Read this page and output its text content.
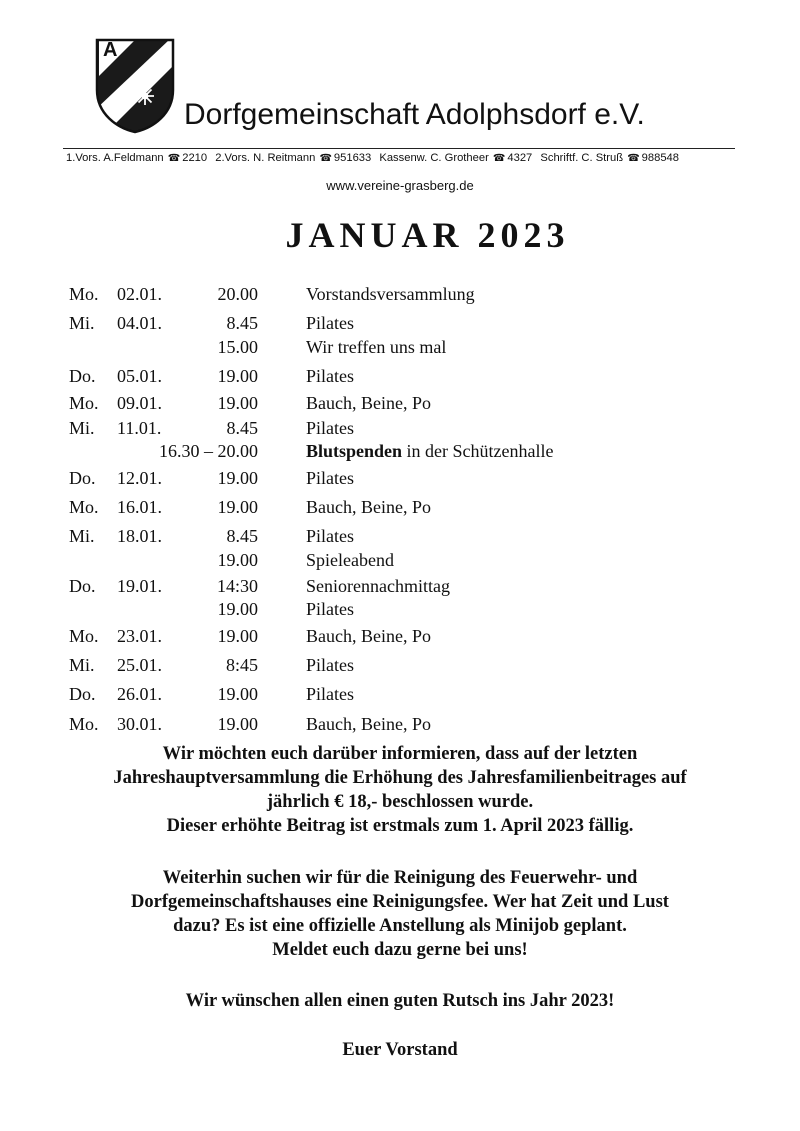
A
Dorfgemeinschaft Adolphsdorf e.V.
1.Vors. A.Feldmann ☎ 2210 2.Vors. N. Reitmann ☎ 951633 Kassenw. C. Grotheer ☎ 4327 Schriftf. C. Struß ☎ 988548
www.vereine-grasberg.de
JANUAR 2023
Mo. 02.01.	20.00	Vorstandsversammlung
Mi. 04.01.	8.45	Pilates
15.00	Wir treffen uns mal
Do. 05.01.	19.00	Pilates
Mo. 09.01.	19.00	Bauch, Beine, Po
Mi. 11.01.	8.45	Pilates
16.30 – 20.00	Blutspenden in der Schützenhalle
Do. 12.01.	19.00	Pilates
Mo. 16.01.	19.00	Bauch, Beine, Po
Mi. 18.01.	8.45	Pilates
19.00	Spieleabend
Do. 19.01.	14:30	Seniorennachmittag
19.00	Pilates
Mo. 23.01.	19.00	Bauch, Beine, Po
Mi. 25.01.	8:45	Pilates
Do. 26.01.	19.00	Pilates
Mo. 30.01.	19.00	Bauch, Beine, Po
Wir möchten euch darüber informieren, dass auf der letzten
Jahreshauptversammlung die Erhöhung des Jahresfamilienbeitrages auf
jährlich € 18,- beschlossen wurde.
Dieser erhöhte Beitrag ist erstmals zum 1. April 2023 fällig.
Weiterhin suchen wir für die Reinigung des Feuerwehr- und
Dorfgemeinschaftshauses eine Reinigungsfee. Wer hat Zeit und Lust
dazu? Es ist eine offizielle Anstellung als Minijob geplant.
Meldet euch dazu gerne bei uns!
Wir wünschen allen einen guten Rutsch ins Jahr 2023!
Euer Vorstand
